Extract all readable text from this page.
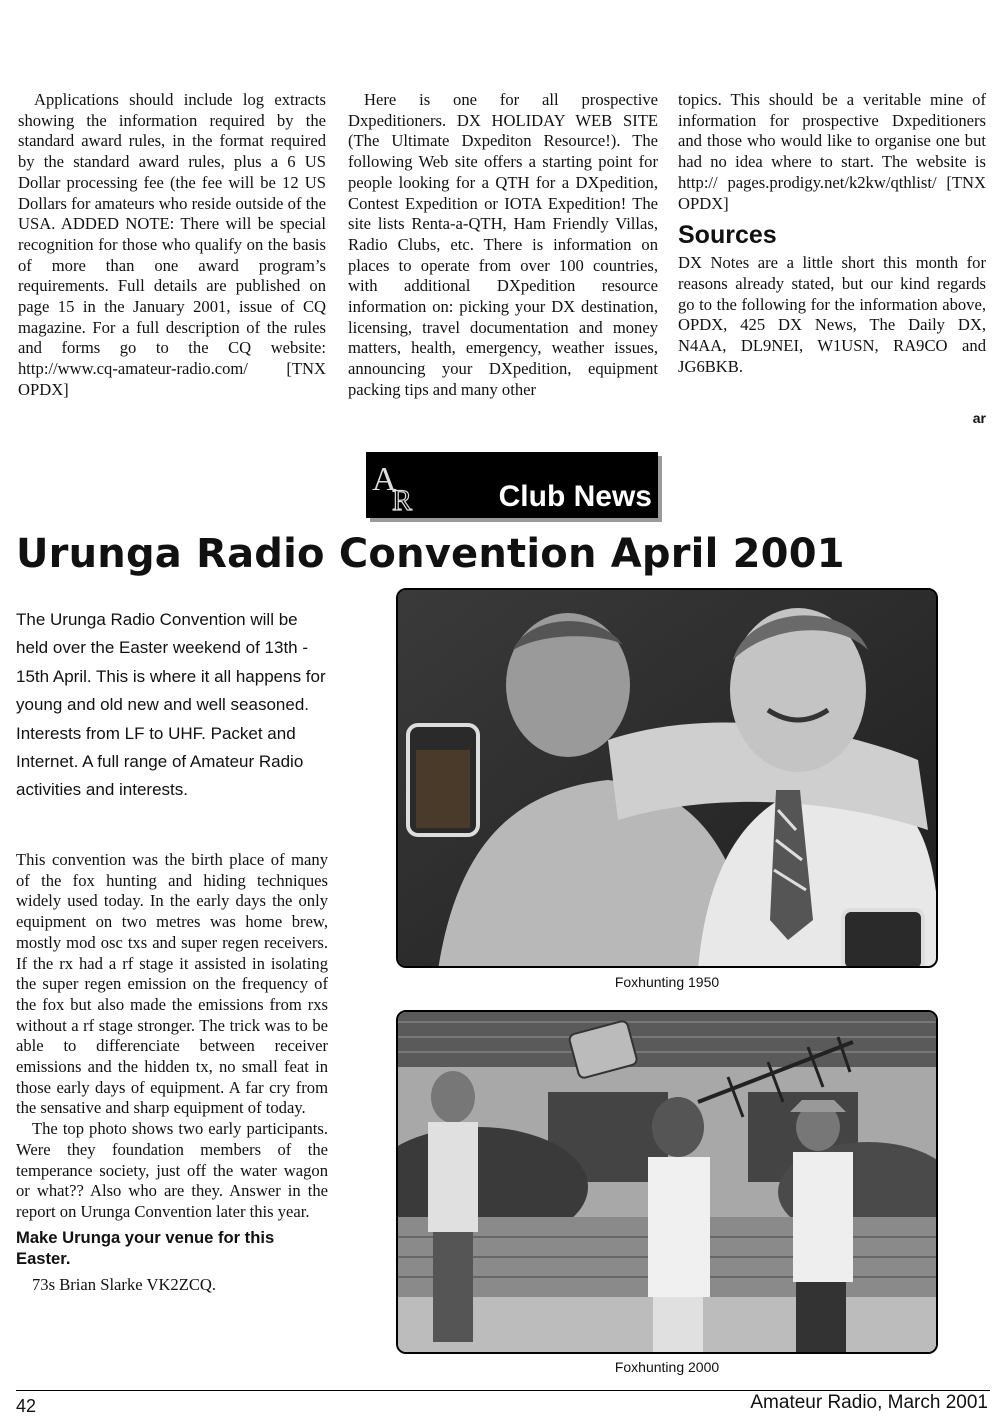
Applications should include log extracts showing the information required by the standard award rules, in the format required by the standard award rules, plus a 6 US Dollar processing fee (the fee will be 12 US Dollars for amateurs who reside outside of the USA. ADDED NOTE: There will be special recognition for those who qualify on the basis of more than one award program’s requirements. Full details are published on page 15 in the January 2001, issue of CQ magazine. For a full description of the rules and forms go to the CQ website: http://www.cq-amateur-radio.com/ [TNX OPDX]

Here is one for all prospective Dxpeditioners. DX HOLIDAY WEB SITE (The Ultimate Dxpediton Resource!). The following Web site offers a starting point for people looking for a QTH for a DXpedition, Contest Expedition or IOTA Expedition! The site lists Renta-a-QTH, Ham Friendly Villas, Radio Clubs, etc. There is information on places to operate from over 100 countries, with additional DXpedition resource information on: picking your DX destination, licensing, travel documentation and money matters, health, emergency, weather issues, announcing your DXpedition, equipment packing tips and many other

topics. This should be a veritable mine of information for prospective Dxpeditioners and those who would like to organise one but had no idea where to start. The website is http:// pages.prodigy.net/k2kw/qthlist/ [TNX OPDX]

Sources

DX Notes are a little short this month for reasons already stated, but our kind regards go to the following for the information above, OPDX, 425 DX News, The Daily DX, N4AA, DL9NEI, W1USN, RA9CO and JG6BKB.

ar
A
R	Club News
Urunga Radio Convention April 2001

The Urunga Radio Convention will be held over the Easter weekend of 13th - 15th April. This is where it all happens for young and old new and well seasoned. Interests from LF to UHF. Packet and Internet. A full range of Amateur Radio activities and interests.

This convention was the birth place of many of the fox hunting and hiding techniques widely used today. In the early days the only equipment on two metres was home brew, mostly mod osc txs and super regen receivers. If the rx had a rf stage it assisted in isolating the super regen emission on the frequency of the fox but also made the emissions from rxs without a rf stage stronger. The trick was to be able to differenciate between receiver emissions and the hidden tx, no small feat in those early days of equipment. A far cry from the sensative and sharp equipment of today.

The top photo shows two early participants. Were they foundation members of the temperance society, just off the water wagon or what?? Also who are they. Answer in the report on Urunga Convention later this year.

Make Urunga your venue for this Easter.

73s Brian Slarke VK2ZCQ.

Foxhunting 1950
Foxhunting 2000
42	Amateur Radio, March 2001
